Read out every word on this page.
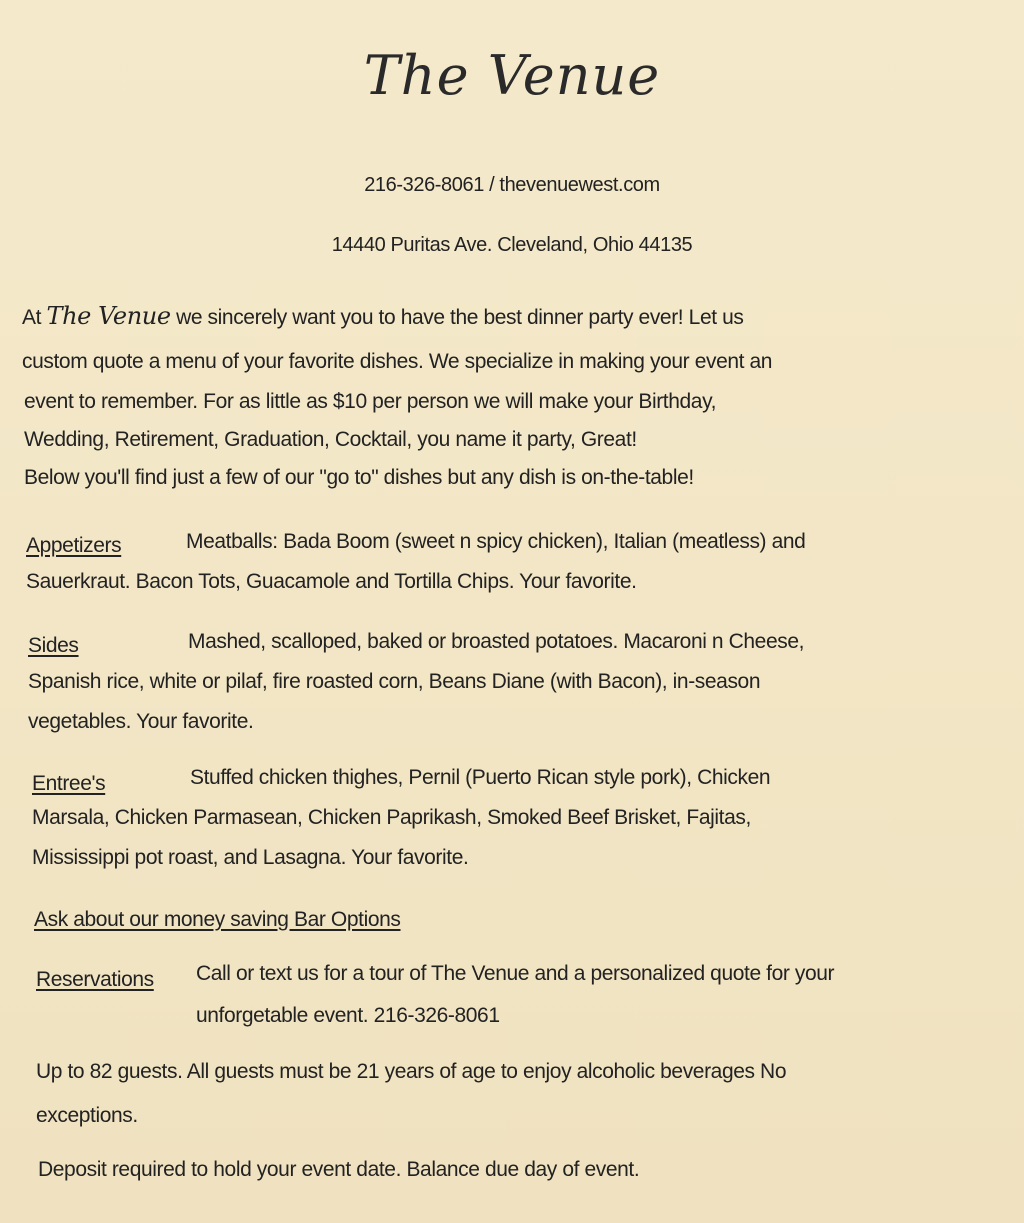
The Venue
216-326-8061 / thevenuewest.com
14440 Puritas Ave. Cleveland, Ohio 44135
At The Venue we sincerely want you to have the best dinner party ever! Let us
custom quote a menu of your favorite dishes. We specialize in making your event an
event to remember. For as little as $10 per person we will make your Birthday,
Wedding, Retirement, Graduation, Cocktail, you name it party, Great!
Below you'll find just a few of our "go to" dishes but any dish is on-the-table!
Appetizers	Meatballs: Bada Boom (sweet n spicy chicken), Italian (meatless) and
Sauerkraut. Bacon Tots, Guacamole and Tortilla Chips. Your favorite.
Sides	Mashed, scalloped, baked or broasted potatoes. Macaroni n Cheese,
Spanish rice, white or pilaf, fire roasted corn, Beans Diane (with Bacon), in-season
vegetables. Your favorite.
Entree's	Stuffed chicken thighes, Pernil (Puerto Rican style pork), Chicken
Marsala, Chicken Parmasean, Chicken Paprikash, Smoked Beef Brisket, Fajitas,
Mississippi pot roast, and Lasagna. Your favorite.
Ask about our money saving Bar Options
Reservations Call or text us for a tour of The Venue and a personalized quote for your
unforgetable event. 216-326-8061
Up to 82 guests. All guests must be 21 years of age to enjoy alcoholic beverages No
exceptions.
Deposit required to hold your event date. Balance due day of event.
